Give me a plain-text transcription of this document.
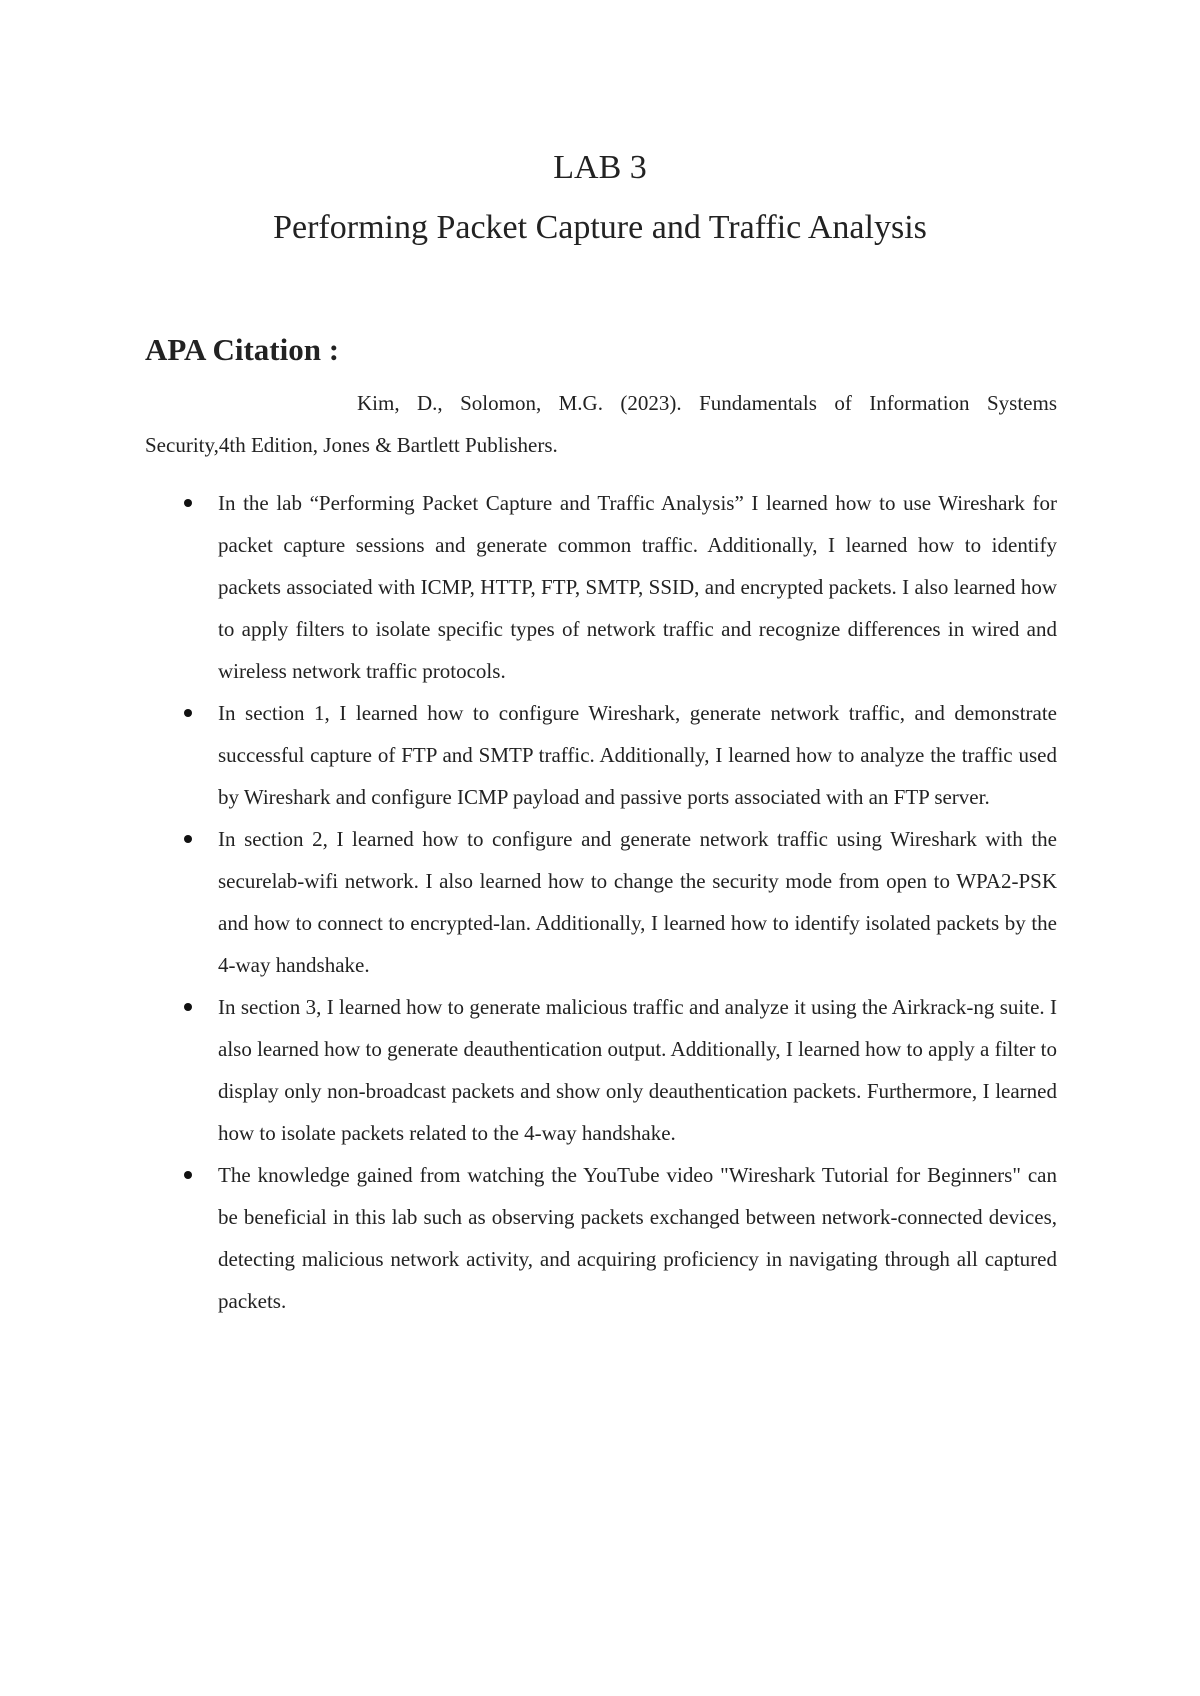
LAB 3
Performing Packet Capture and Traffic Analysis
APA Citation :

Kim, D., Solomon, M.G. (2023). Fundamentals of Information Systems Security,4th Edition, Jones & Bartlett Publishers.

In the lab “Performing Packet Capture and Traffic Analysis” I learned how to use Wireshark for packet capture sessions and generate common traffic. Additionally, I learned how to identify packets associated with ICMP, HTTP, FTP, SMTP, SSID, and encrypted packets. I also learned how to apply filters to isolate specific types of network traffic and recognize differences in wired and wireless network traffic protocols.
In section 1, I learned how to configure Wireshark, generate network traffic, and demonstrate successful capture of FTP and SMTP traffic. Additionally, I learned how to analyze the traffic used by Wireshark and configure ICMP payload and passive ports associated with an FTP server.
In section 2, I learned how to configure and generate network traffic using Wireshark with the securelab-wifi network. I also learned how to change the security mode from open to WPA2-PSK and how to connect to encrypted-lan. Additionally, I learned how to identify isolated packets by the 4-way handshake.
In section 3, I learned how to generate malicious traffic and analyze it using the Airkrack-ng suite. I also learned how to generate deauthentication output. Additionally, I learned how to apply a filter to display only non-broadcast packets and show only deauthentication packets. Furthermore, I learned how to isolate packets related to the 4-way handshake.
The knowledge gained from watching the YouTube video "Wireshark Tutorial for Beginners" can be beneficial in this lab such as observing packets exchanged between network-connected devices, detecting malicious network activity, and acquiring proficiency in navigating through all captured packets.
